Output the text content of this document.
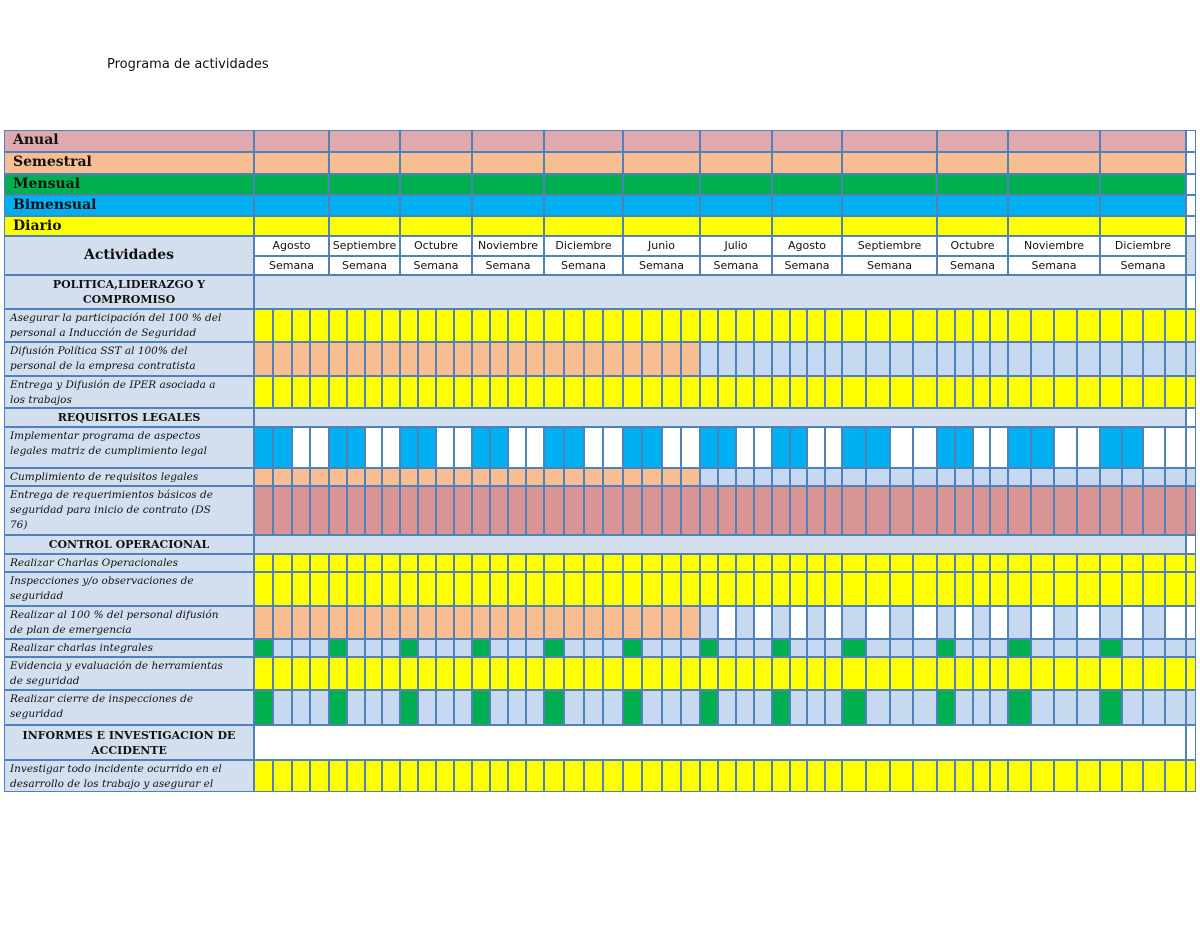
Programa de actividades
Anual
Semestral
Mensual
Bimensual
Diario
Actividades
Agosto
Semana
Septiembre
Semana
Octubre
Semana
Noviembre
Semana
Diciembre
Semana
Junio
Semana
Julio
Semana
Agosto
Semana
Septiembre
Semana
Octubre
Semana
Noviembre
Semana
Diciembre
Semana
POLITICA,LIDERAZGO Y
COMPROMISO
Asegurar la participación del 100 % del
personal a Inducción de Seguridad
Difusión Política SST al 100% del
personal de la empresa contratista
Entrega y Difusión de IPER asociada a
los trabajos
REQUISITOS LEGALES
Implementar programa de aspectos
legales matriz de cumplimiento legal
Cumplimiento de requisitos legales
Entrega de requerimientos básicos de
seguridad para inicio de contrato (DS
76)
CONTROL OPERACIONAL
Realizar Charlas Operacionales
Inspecciones y/o observaciones de
seguridad
Realizar al 100 % del personal difusión
de plan de emergencia
Realizar charlas integrales
Evidencia y evaluación de herramientas
de seguridad
Realizar cierre de inspecciones de
seguridad
INFORMES E INVESTIGACION DE
ACCIDENTE
Investigar todo incidente ocurrido en el
desarrollo de los trabajo y asegurar el
